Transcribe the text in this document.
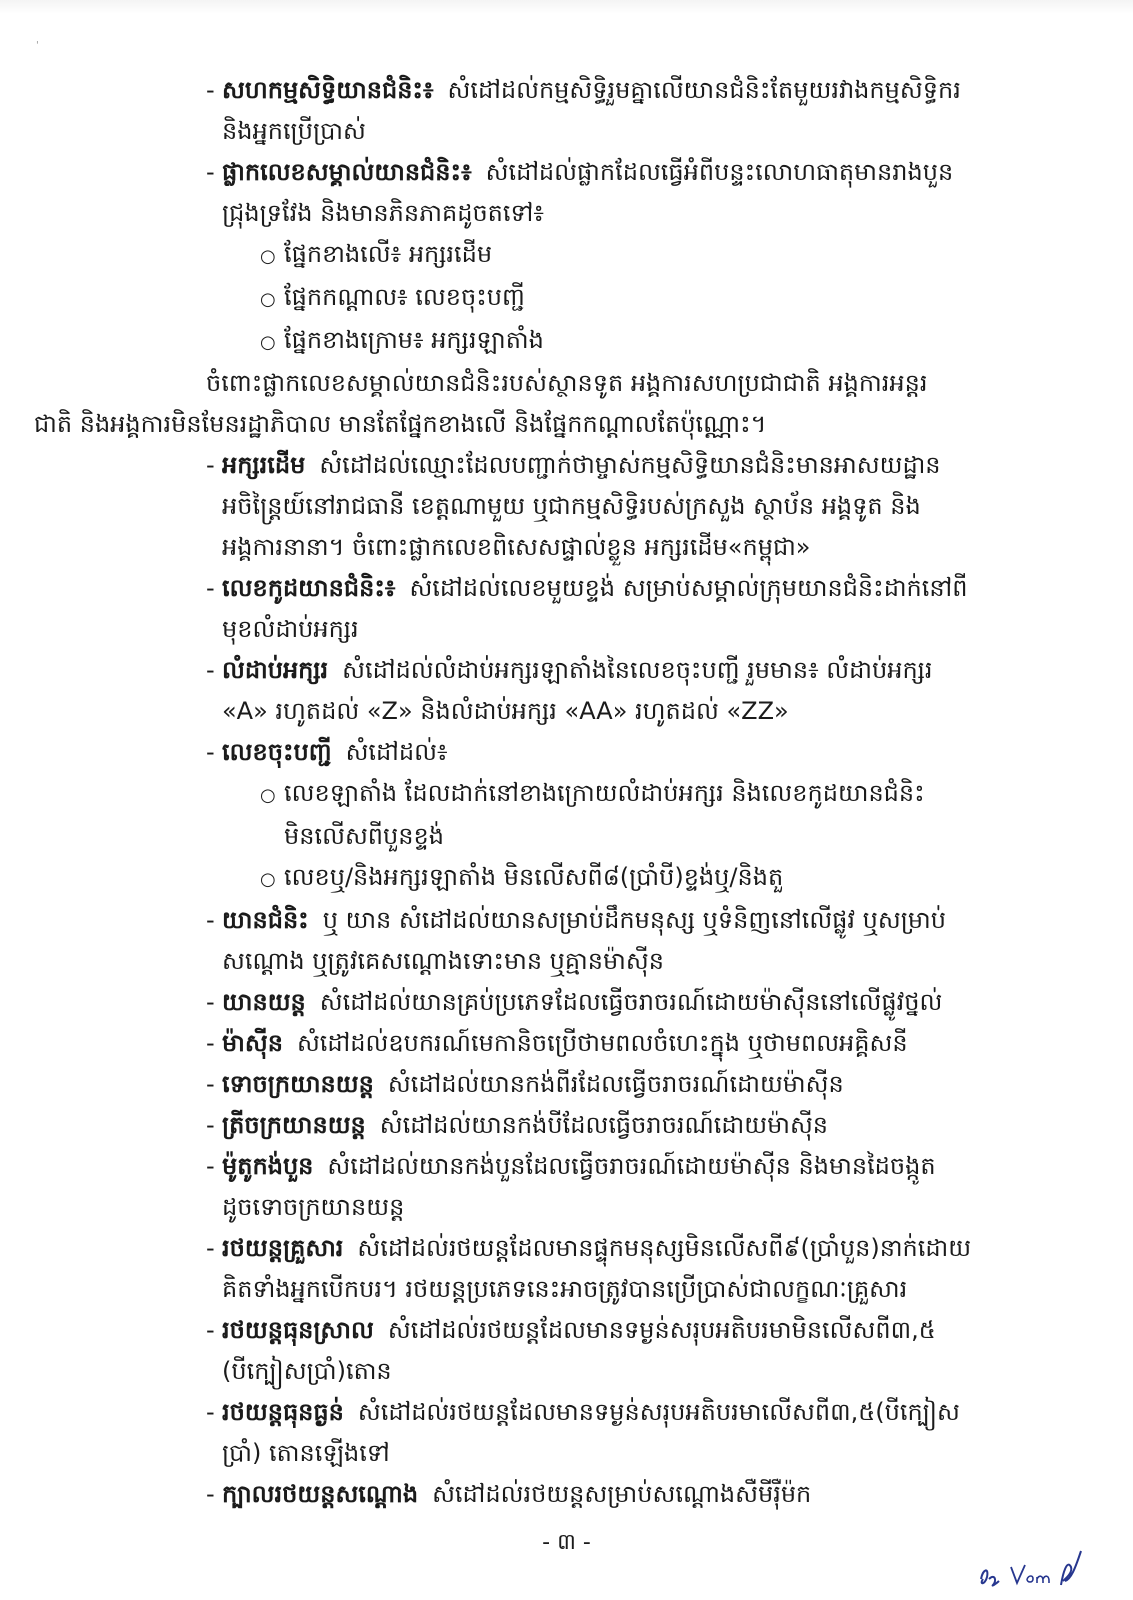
'
- សហកម្មសិទ្ធិយានជំនិះ៖ សំដៅដល់កម្មសិទ្ធិរួមគ្នាលើយានជំនិះតែមួយរវាងកម្មសិទ្ធិករ
និងអ្នកប្រើប្រាស់
- ផ្លាកលេខសម្គាល់យានជំនិះ៖ សំដៅដល់ផ្លាកដែលធ្វើអំពីបន្ទះលោហធាតុមានរាងបួន
ជ្រុងទ្រវែង និងមានភិនភាគដូចតទៅ៖
○ ផ្នែកខាងលើ៖ អក្សរដើម
○ ផ្នែកកណ្តាល៖ លេខចុះបញ្ជី
○ ផ្នែកខាងក្រោម៖ អក្សរឡាតាំង
ចំពោះផ្លាកលេខសម្គាល់យានជំនិះរបស់ស្ថានទូត អង្គការសហប្រជាជាតិ អង្គការអន្តរ
ជាតិ និងអង្គការមិនមែនរដ្ឋាភិបាល មានតែផ្នែកខាងលើ និងផ្នែកកណ្តាលតែប៉ុណ្ណោះ។
- អក្សរដើម សំដៅដល់ឈ្មោះដែលបញ្ជាក់ថាម្ចាស់កម្មសិទ្ធិយានជំនិះមានអាសយដ្ឋាន
អចិន្ត្រៃយ៍នៅរាជធានី ខេត្តណាមួយ ឬជាកម្មសិទ្ធិរបស់ក្រសួង ស្ថាប័ន អង្គទូត និង
អង្គការនានា។ ចំពោះផ្លាកលេខពិសេសផ្ទាល់ខ្លួន អក្សរដើម«កម្ពុជា»
- លេខកូដយានជំនិះ៖ សំដៅដល់លេខមួយខ្ទង់ សម្រាប់សម្គាល់ក្រុមយានជំនិះដាក់នៅពី
មុខលំដាប់អក្សរ
- លំដាប់អក្សរ សំដៅដល់លំដាប់អក្សរឡាតាំងនៃលេខចុះបញ្ជី រួមមាន៖ លំដាប់អក្សរ
«A» រហូតដល់ «Z» និងលំដាប់អក្សរ «AA» រហូតដល់ «ZZ»
- លេខចុះបញ្ជី សំដៅដល់៖
○ លេខឡាតាំង ដែលដាក់នៅខាងក្រោយលំដាប់អក្សរ និងលេខកូដយានជំនិះ
មិនលើសពីបួនខ្ទង់
○ លេខឬ/និងអក្សរឡាតាំង មិនលើសពី៨(ប្រាំបី)ខ្ទង់ឬ/និងតួ
- យានជំនិះ ឬ យាន សំដៅដល់យានសម្រាប់ដឹកមនុស្ស ឬទំនិញនៅលើផ្លូវ ឬសម្រាប់
សណ្តោង ឬត្រូវគេសណ្តោងទោះមាន ឬគ្មានម៉ាស៊ីន
- យានយន្ត សំដៅដល់យានគ្រប់ប្រភេទដែលធ្វើចរាចរណ៍ដោយម៉ាស៊ីននៅលើផ្លូវថ្នល់
- ម៉ាស៊ីន សំដៅដល់ឧបករណ៍មេកានិចប្រើថាមពលចំហេះក្នុង ឬថាមពលអគ្គិសនី
- ទោចក្រយានយន្ត សំដៅដល់យានកង់ពីរដែលធ្វើចរាចរណ៍ដោយម៉ាស៊ីន
- ត្រីចក្រយានយន្ត សំដៅដល់យានកង់បីដែលធ្វើចរាចរណ៍ដោយម៉ាស៊ីន
- ម៉ូតូកង់បួន សំដៅដល់យានកង់បួនដែលធ្វើចរាចរណ៍ដោយម៉ាស៊ីន និងមានដៃចង្កូត
ដូចទោចក្រយានយន្ត
- រថយន្តគ្រួសារ សំដៅដល់រថយន្តដែលមានផ្ទុកមនុស្សមិនលើសពី៩(ប្រាំបួន)នាក់ដោយ
គិតទាំងអ្នកបើកបរ។ រថយន្តប្រភេទនេះអាចត្រូវបានប្រើប្រាស់ជាលក្ខណៈគ្រួសារ
- រថយន្តធុនស្រាល សំដៅដល់រថយន្តដែលមានទម្ងន់សរុបអតិបរមាមិនលើសពី៣,៥
(បីក្បៀសប្រាំ)តោន
- រថយន្តធុនធ្ងន់ សំដៅដល់រថយន្តដែលមានទម្ងន់សរុបអតិបរមាលើសពី៣,៥(បីក្បៀស
ប្រាំ) តោនឡើងទៅ
- ក្បាលរថយន្តសណ្តោង សំដៅដល់រថយន្តសម្រាប់សណ្តោងសឺមីរ៉ឺម៉ក
- ៣ -
